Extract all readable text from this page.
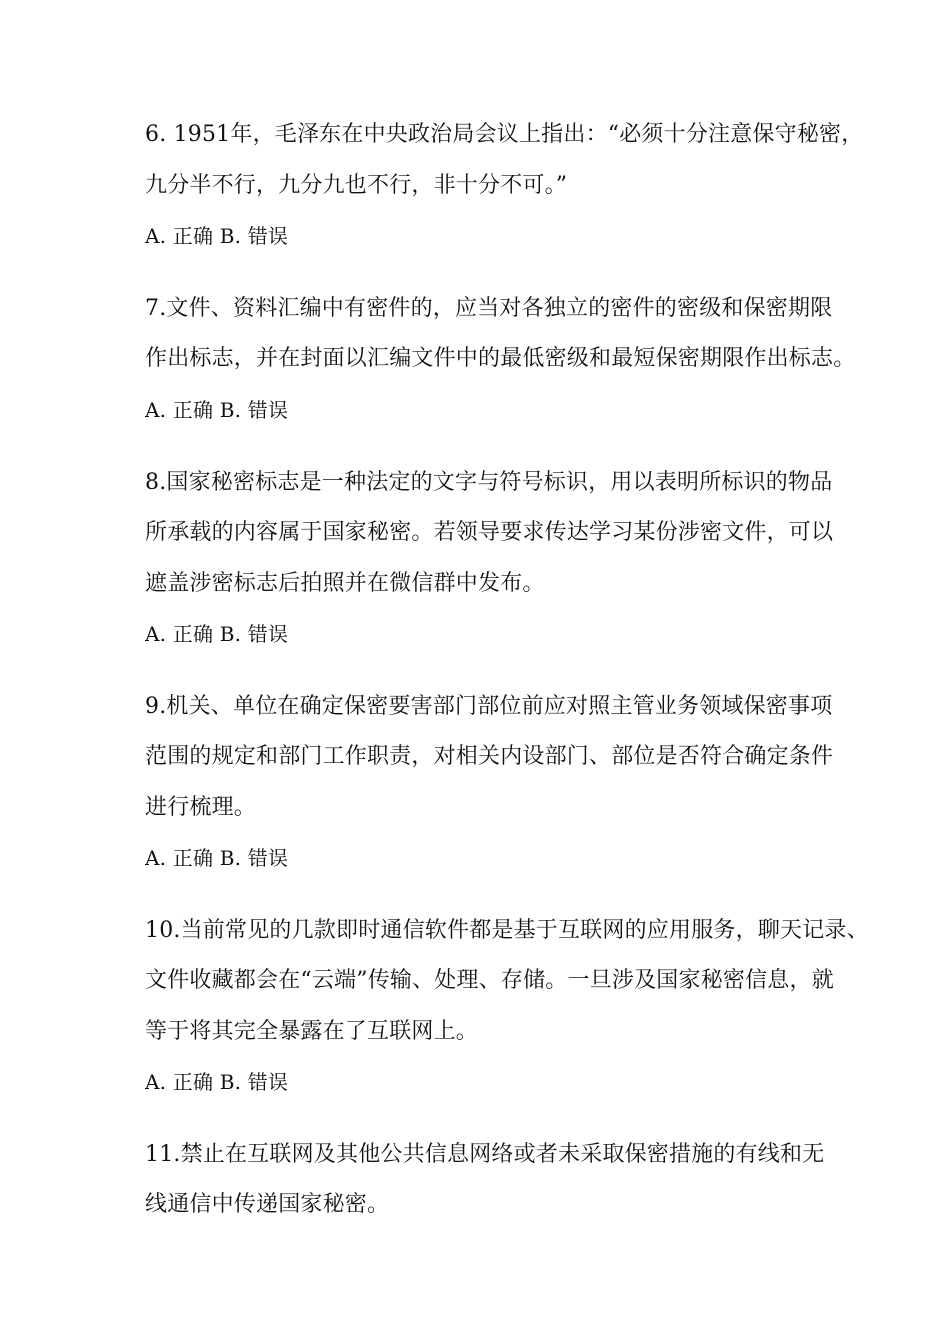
6. 1951年，毛泽东在中央政治局会议上指出：“必须十分注意保守秘密，
九分半不行，九分九也不行，非十分不可。”
A. 正确 B. 错误
7.文件、资料汇编中有密件的，应当对各独立的密件的密级和保密期限
作出标志，并在封面以汇编文件中的最低密级和最短保密期限作出标志。
A. 正确 B. 错误
8.国家秘密标志是一种法定的文字与符号标识，用以表明所标识的物品
所承载的内容属于国家秘密。若领导要求传达学习某份涉密文件，可以
遮盖涉密标志后拍照并在微信群中发布。
A. 正确 B. 错误
9.机关、单位在确定保密要害部门部位前应对照主管业务领域保密事项
范围的规定和部门工作职责，对相关内设部门、部位是否符合确定条件
进行梳理。
A. 正确 B. 错误
10.当前常见的几款即时通信软件都是基于互联网的应用服务，聊天记录、
文件收藏都会在“云端”传输、处理、存储。一旦涉及国家秘密信息，就
等于将其完全暴露在了互联网上。
A. 正确 B. 错误
11.禁止在互联网及其他公共信息网络或者未采取保密措施的有线和无
线通信中传递国家秘密。
